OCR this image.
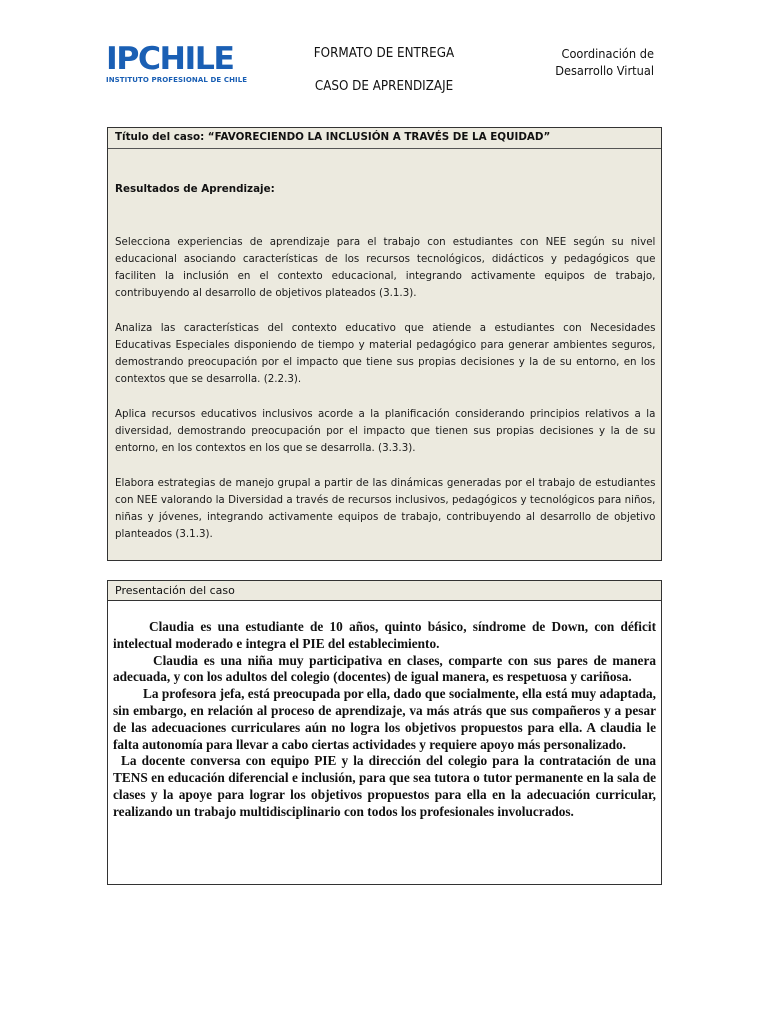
IPCHILE
INSTITUTO PROFESIONAL DE CHILE
FORMATO DE ENTREGA
CASO DE APRENDIZAJE
Coordinación de
Desarrollo Virtual
Título del caso: “FAVORECIENDO LA INCLUSIÓN A TRAVÉS DE LA EQUIDAD”
Resultados de Aprendizaje:

Selecciona experiencias de aprendizaje para el trabajo con estudiantes con NEE según su nivel educacional asociando características de los recursos tecnológicos, didácticos y pedagógicos que faciliten la inclusión en el contexto educacional, integrando activamente equipos de trabajo, contribuyendo al desarrollo de objetivos plateados (3.1.3).

Analiza las características del contexto educativo que atiende a estudiantes con Necesidades Educativas Especiales disponiendo de tiempo y material pedagógico para generar ambientes seguros, demostrando preocupación por el impacto que tiene sus propias decisiones y la de su entorno, en los contextos que se desarrolla. (2.2.3).

Aplica recursos educativos inclusivos acorde a la planificación considerando principios relativos a la diversidad, demostrando preocupación por el impacto que tienen sus propias decisiones y la de su entorno, en los contextos en los que se desarrolla. (3.3.3).

Elabora estrategias de manejo grupal a partir de las dinámicas generadas por el trabajo de estudiantes con NEE valorando la Diversidad a través de recursos inclusivos, pedagógicos y tecnológicos para niños, niñas y jóvenes, integrando activamente equipos de trabajo, contribuyendo al desarrollo de objetivo planteados (3.1.3).

Presentación del caso

Claudia es una estudiante de 10 años, quinto básico, síndrome de Down, con déficit intelectual moderado e integra el PIE del establecimiento.

Claudia es una niña muy participativa en clases, comparte con sus pares de manera adecuada, y con los adultos del colegio (docentes) de igual manera, es respetuosa y cariñosa.

La profesora jefa, está preocupada por ella, dado que socialmente, ella está muy adaptada, sin embargo, en relación al proceso de aprendizaje, va más atrás que sus compañeros y a pesar de las adecuaciones curriculares aún no logra los objetivos propuestos para ella. A claudia le falta autonomía para llevar a cabo ciertas actividades y requiere apoyo más personalizado.

La docente conversa con equipo PIE y la dirección del colegio para la contratación de una TENS en educación diferencial e inclusión, para que sea tutora o tutor permanente en la sala de clases y la apoye para lograr los objetivos propuestos para ella en la adecuación curricular, realizando un trabajo multidisciplinario con todos los profesionales involucrados.
